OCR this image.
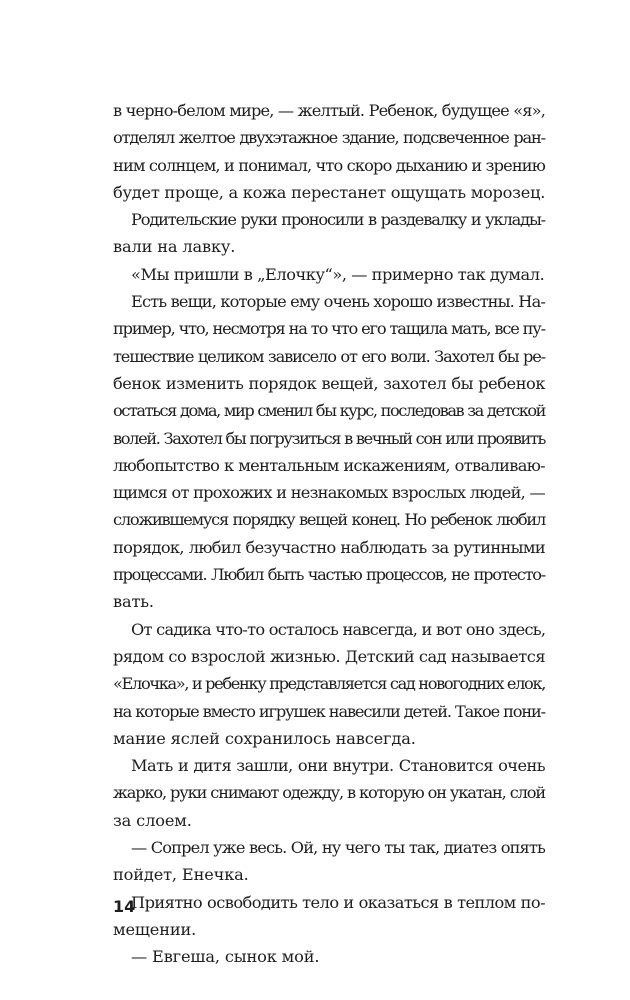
в черно-белом мире, — желтый. Ребенок, будущее «я»,
отделял желтое двухэтажное здание, подсвеченное ран-
ним солнцем, и понимал, что скоро дыханию и зрению
будет проще, а кожа перестанет ощущать морозец.
Родительские руки проносили в раздевалку и уклады-
вали на лавку.
«Мы пришли в „Елочку“», — примерно так думал.
Есть вещи, которые ему очень хорошо известны. На-
пример, что, несмотря на то что его тащила мать, все пу-
тешествие целиком зависело от его воли. Захотел бы ре-
бенок изменить порядок вещей, захотел бы ребенок
остаться дома, мир сменил бы курс, последовав за детской
волей. Захотел бы погрузиться в вечный сон или проявить
любопытство к ментальным искажениям, отваливаю-
щимся от прохожих и незнакомых взрослых людей, —
сложившемуся порядку вещей конец. Но ребенок любил
порядок, любил безучастно наблюдать за рутинными
процессами. Любил быть частью процессов, не протесто-
вать.
От садика что-то осталось навсегда, и вот оно здесь,
рядом со взрослой жизнью. Детский сад называется
«Елочка», и ребенку представляется сад новогодних елок,
на которые вместо игрушек навесили детей. Такое пони-
мание яслей сохранилось навсегда.
Мать и дитя зашли, они внутри. Становится очень
жарко, руки снимают одежду, в которую он укатан, слой
за слоем.
— Сопрел уже весь. Ой, ну чего ты так, диатез опять
пойдет, Енечка.
Приятно освободить тело и оказаться в теплом по-
мещении.
— Евгеша, сынок мой.
14
